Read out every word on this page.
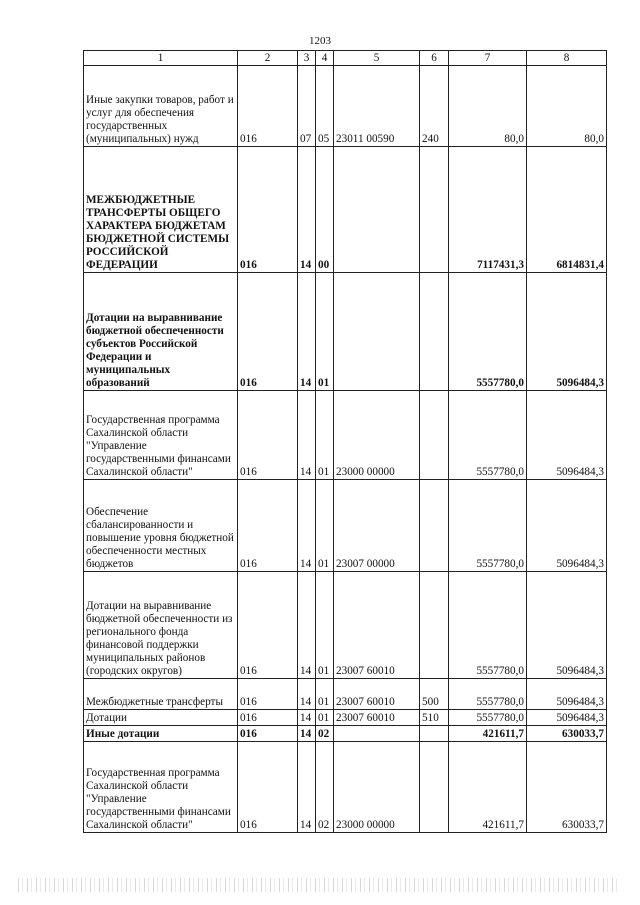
1203
1	2	3	4	5	6	7	8
Иные закупки товаров, работ и услуг для обеспечения государственных (муниципальных) нужд	016	07	05	23011 00590	240	80,0	80,0
МЕЖБЮДЖЕТНЫЕ ТРАНСФЕРТЫ ОБЩЕГО ХАРАКТЕРА БЮДЖЕТАМ БЮДЖЕТНОЙ СИСТЕМЫ РОССИЙСКОЙ ФЕДЕРАЦИИ	016	14	00			7117431,3	6814831,4
Дотации на выравнивание бюджетной обеспеченности субъектов Российской Федерации и муниципальных образований	016	14	01			5557780,0	5096484,3
Государственная программа Сахалинской области "Управление государственными финансами Сахалинской области"	016	14	01	23000 00000		5557780,0	5096484,3
Обеспечение сбалансированности и повышение уровня бюджетной обеспеченности местных бюджетов	016	14	01	23007 00000		5557780,0	5096484,3
Дотации на выравнивание бюджетной обеспеченности из регионального фонда финансовой поддержки муниципальных районов (городских округов)	016	14	01	23007 60010		5557780,0	5096484,3
Межбюджетные трансферты	016	14	01	23007 60010	500	5557780,0	5096484,3
Дотации	016	14	01	23007 60010	510	5557780,0	5096484,3
Иные дотации	016	14	02			421611,7	630033,7
Государственная программа Сахалинской области "Управление государственными финансами Сахалинской области"	016	14	02	23000 00000		421611,7	630033,7
